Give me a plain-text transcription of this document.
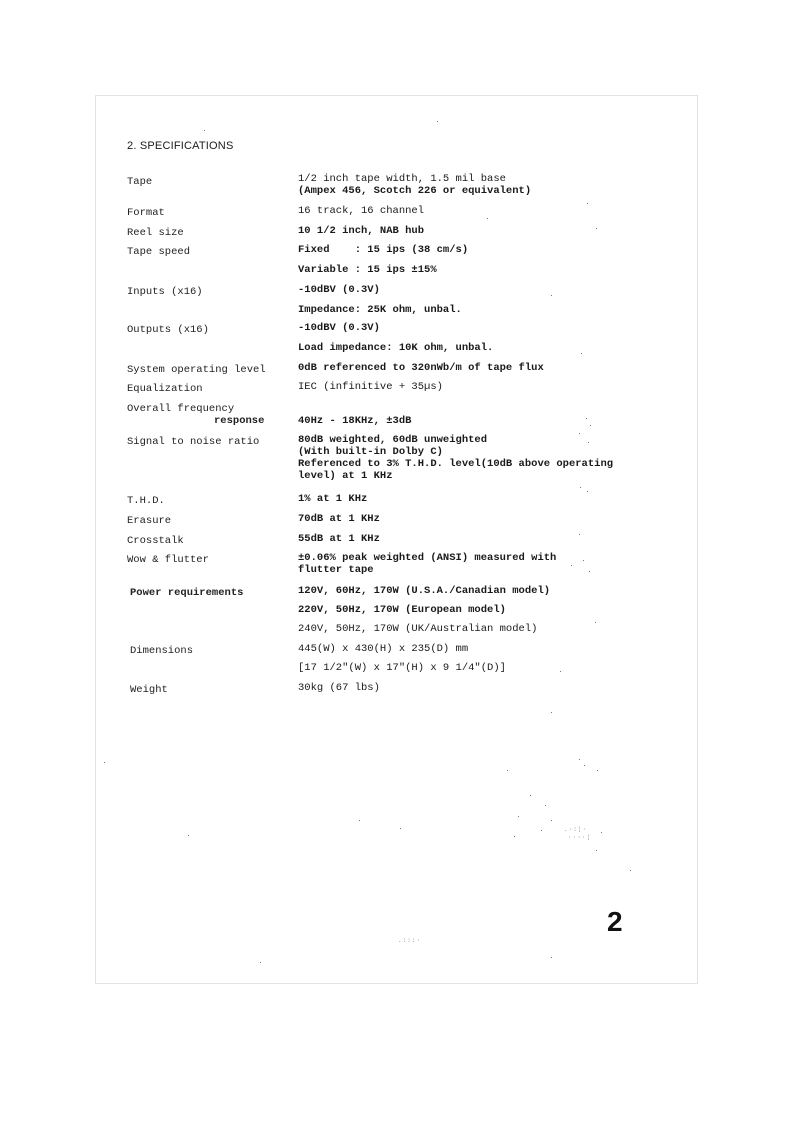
2. SPECIFICATIONS
Tape	1/2 inch tape width, 1.5 mil base
(Ampex 456, Scotch 226 or equivalent)
Format	16 track, 16 channel
Reel size	10 1/2 inch, NAB hub
Tape speed	Fixed    : 15 ips (38 cm/s)
Variable : 15 ips ±15%
Inputs (x16)	-10dBV (0.3V)
Impedance: 25K ohm, unbal.
Outputs (x16)	-10dBV (0.3V)
Load impedance: 10K ohm, unbal.
System operating level	0dB referenced to 320nWb/m of tape flux
Equalization	IEC (infinitive + 35µs)
Overall frequency
response	40Hz - 18KHz, ±3dB
Signal to noise ratio	80dB weighted, 60dB unweighted
(With built-in Dolby C)
Referenced to 3% T.H.D. level(10dB above operating
level) at 1 KHz
T.H.D.	1% at 1 KHz
Erasure	70dB at 1 KHz
Crosstalk	55dB at 1 KHz
Wow & flutter	±0.06% peak weighted (ANSI) measured with
flutter tape
Power requirements	120V, 60Hz, 170W (U.S.A./Canadian model)
220V, 50Hz, 170W (European model)
240V, 50Hz, 170W (UK/Australian model)
Dimensions	445(W) x 430(H) x 235(D) mm
[17 1/2"(W) x 17"(H) x 9 1/4"(D)]
Weight	30kg (67 lbs)
2
.·:¦·
····¦
.:::·
